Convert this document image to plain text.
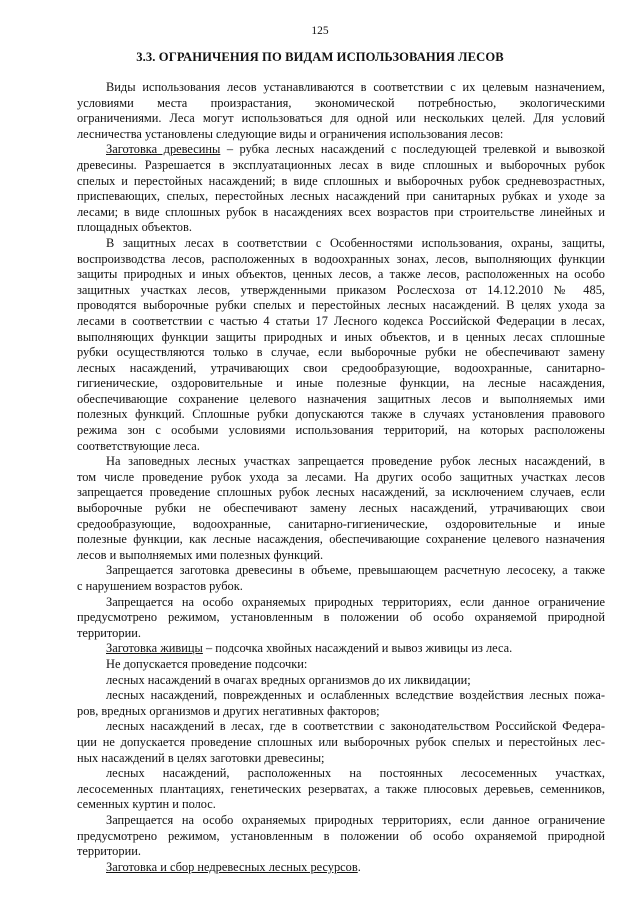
125
3.3. ОГРАНИЧЕНИЯ ПО ВИДАМ ИСПОЛЬЗОВАНИЯ ЛЕСОВ
Виды использования лесов устанавливаются в соответствии с их целевым назначением,
условиями места произрастания, экономической потребностью, экологическими
ограничениями. Леса могут использоваться для одной или нескольких целей. Для условий
лесничества установлены следующие виды и ограничения использования лесов:
Заготовка древесины – рубка лесных насаждений с последующей трелевкой и вывозкой
древесины. Разрешается в эксплуатационных лесах в виде сплошных и выборочных рубок
спелых и перестойных насаждений; в виде сплошных и выборочных рубок средневозрастных,
приспевающих, спелых, перестойных лесных насаждений при санитарных рубках и уходе за
лесами; в виде сплошных рубок в насаждениях всех возрастов при строительстве линейных и
площадных объектов.
В защитных лесах в соответствии с Особенностями использования, охраны, защиты,
воспроизводства лесов, расположенных в водоохранных зонах, лесов, выполняющих функции
защиты природных и иных объектов, ценных лесов, а также лесов, расположенных на особо
защитных участках лесов, утвержденными приказом Рослесхоза от 14.12.2010 № 485,
проводятся выборочные рубки спелых и перестойных лесных насаждений. В целях ухода за
лесами в соответствии с частью 4 статьи 17 Лесного кодекса Российской Федерации в лесах,
выполняющих функции защиты природных и иных объектов, и в ценных лесах сплошные
рубки осуществляются только в случае, если выборочные рубки не обеспечивают замену
лесных насаждений, утрачивающих свои средообразующие, водоохранные, санитарно-
гигиенические, оздоровительные и иные полезные функции, на лесные насаждения,
обеспечивающие сохранение целевого назначения защитных лесов и выполняемых ими
полезных функций. Сплошные рубки допускаются также в случаях установления правового
режима зон с особыми условиями использования территорий, на которых расположены
соответствующие леса.
На заповедных лесных участках запрещается проведение рубок лесных насаждений, в
том числе проведение рубок ухода за лесами. На других особо защитных участках лесов
запрещается проведение сплошных рубок лесных насаждений, за исключением случаев, если
выборочные рубки не обеспечивают замену лесных насаждений, утрачивающих свои
средообразующие, водоохранные, санитарно-гигиенические, оздоровительные и иные
полезные функции, как лесные насаждения, обеспечивающие сохранение целевого назначения
лесов и выполняемых ими полезных функций.
Запрещается заготовка древесины в объеме, превышающем расчетную лесосеку, а также
с нарушением возрастов рубок.
Запрещается на особо охраняемых природных территориях, если данное ограничение
предусмотрено режимом, установленным в положении об особо охраняемой природной
территории.
Заготовка живицы – подсочка хвойных насаждений и вывоз живицы из леса.
Не допускается проведение подсочки:
лесных насаждений в очагах вредных организмов до их ликвидации;
лесных насаждений, поврежденных и ослабленных вследствие воздействия лесных пожа-
ров, вредных организмов и других негативных факторов;
лесных насаждений в лесах, где в соответствии с законодательством Российской Федера-
ции не допускается проведение сплошных или выборочных рубок спелых и перестойных лес-
ных насаждений в целях заготовки древесины;
лесных насаждений, расположенных на постоянных лесосеменных участках,
лесосеменных плантациях, генетических резерватах, а также плюсовых деревьев, семенников,
семенных куртин и полос.
Запрещается на особо охраняемых природных территориях, если данное ограничение
предусмотрено режимом, установленным в положении об особо охраняемой природной
территории.
Заготовка и сбор недревесных лесных ресурсов.
